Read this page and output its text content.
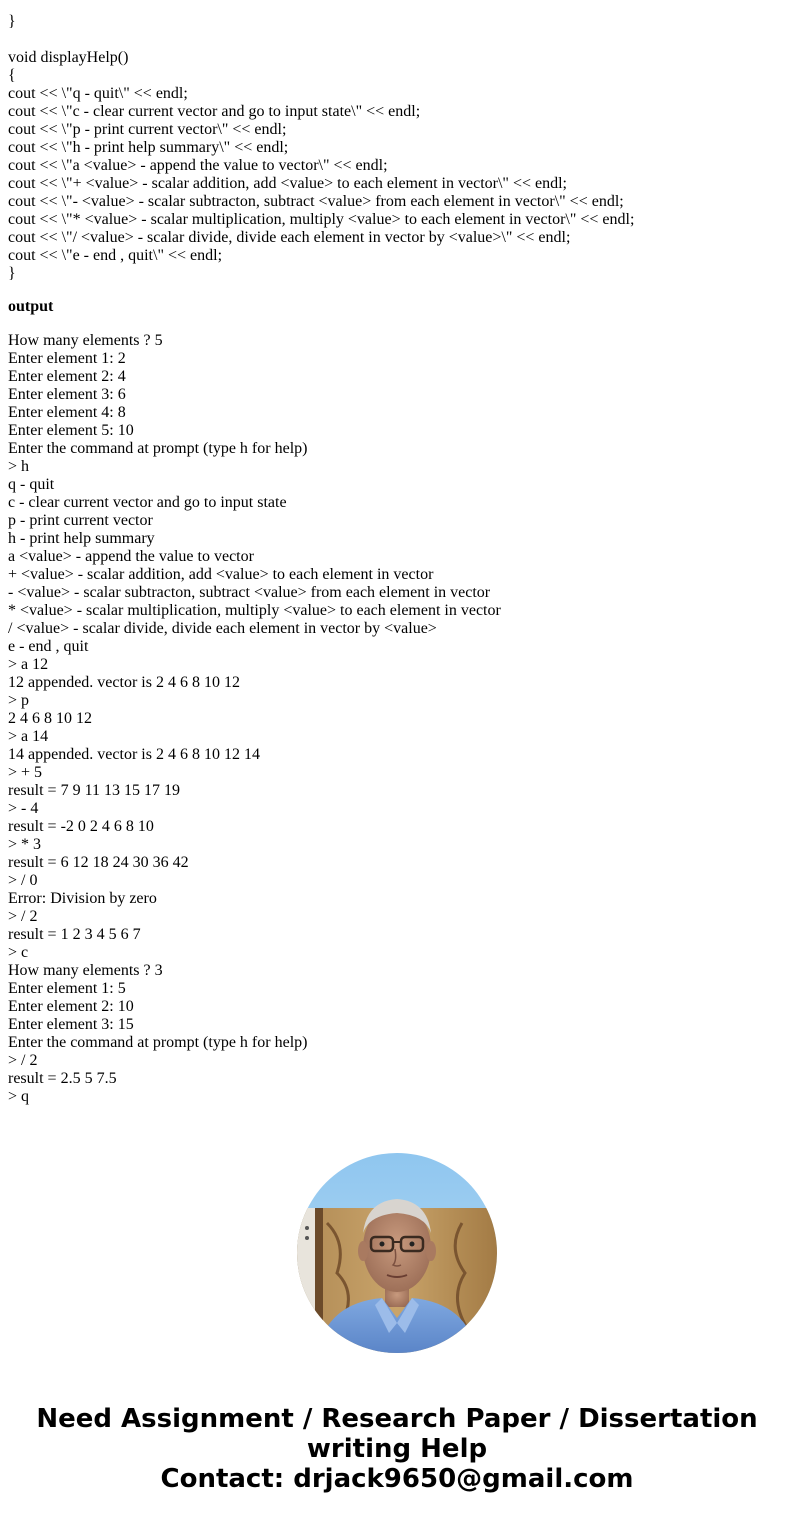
}
void displayHelp()
{
cout << \"q - quit\" << endl;
cout << \"c - clear current vector and go to input state\" << endl;
cout << \"p - print current vector\" << endl;
cout << \"h - print help summary\" << endl;
cout << \"a <value> - append the value to vector\" << endl;
cout << \"+ <value> - scalar addition, add <value> to each element in vector\" << endl;
cout << \"- <value> - scalar subtracton, subtract <value> from each element in vector\" << endl;
cout << \"* <value> - scalar multiplication, multiply <value> to each element in vector\" << endl;
cout << \"/ <value> - scalar divide, divide each element in vector by <value>\" << endl;
cout << \"e - end , quit\" << endl;
}
output
How many elements ? 5
Enter element 1: 2
Enter element 2: 4
Enter element 3: 6
Enter element 4: 8
Enter element 5: 10
Enter the command at prompt (type h for help)
> h
q - quit
c - clear current vector and go to input state
p - print current vector
h - print help summary
a <value> - append the value to vector
+ <value> - scalar addition, add <value> to each element in vector
- <value> - scalar subtracton, subtract <value> from each element in vector
* <value> - scalar multiplication, multiply <value> to each element in vector
/ <value> - scalar divide, divide each element in vector by <value>
e - end , quit
> a 12
12 appended. vector is 2 4 6 8 10 12
> p
2 4 6 8 10 12
> a 14
14 appended. vector is 2 4 6 8 10 12 14
> + 5
result = 7 9 11 13 15 17 19
> - 4
result = -2 0 2 4 6 8 10
> * 3
result = 6 12 18 24 30 36 42
> / 0
Error: Division by zero
> / 2
result = 1 2 3 4 5 6 7
> c
How many elements ? 3
Enter element 1: 5
Enter element 2: 10
Enter element 3: 15
Enter the command at prompt (type h for help)
> / 2
result = 2.5 5 7.5
> q
Need Assignment / Research Paper / Dissertation
writing Help
Contact: drjack9650@gmail.com
